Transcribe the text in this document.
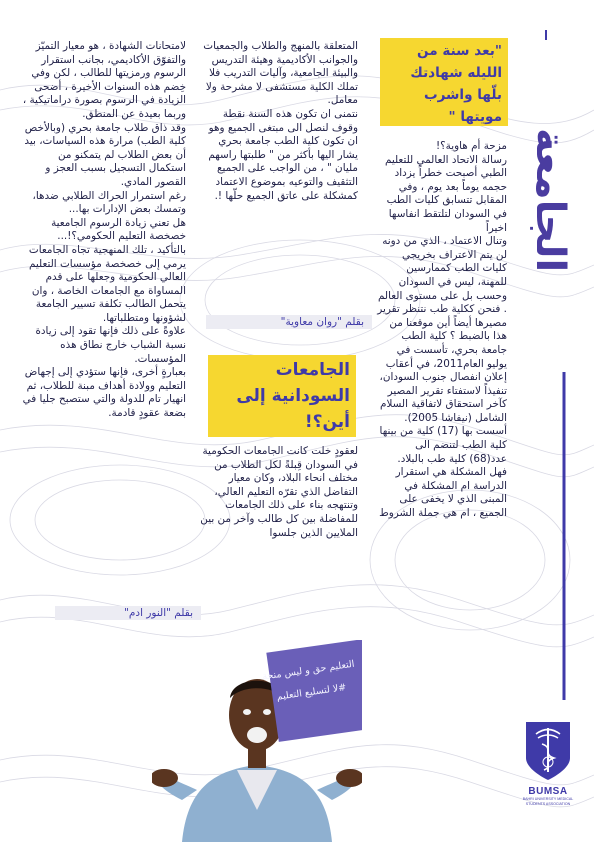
الجامعة
"بعد سنة من الليله شهادتك بلّها واشرب مويتها "

مزحة أم هاوية؟!

رسالة الاتحاد العالمي للتعليم الطبي أصبحت خطراً يزداد حجمه يوماً بعد يوم ، وفي المقابل تتسابق كليات الطب في السودان لتلتقط انفاسها اخيراً

وتنال الاعتماد ، الذي من دونه لن يتم الاعتراف بخريجي كليات الطب كممارسين للمهنة، ليس في السودان وحسب بل على مستوى العالم . فنحن ككلية طب نتنظر تقرير مصيرها أيضاً أين موقعنا من هذا بالضبط ؟ كلية الطب جامعة بحري، تأسست في يوليو العام2011، في أعقاب إعلان انفصال جنوب السودان، تنفيذاً لاستفتاء تقرير المصير كآخر استحقاق لاتفاقية السلام الشامل (نيفاشا 2005).

أسست بها (17) كلية من بينها كلية الطب لتنضم الى عدد(68) كلية طب بالبلاد. فهل المشكلة هي استقرار الدراسة ام المشكلة في المبنى الذي لا يخفى على الجميع ، ام هي جملة الشروط

المتعلقة بالمنهج والطلاب والجمعيات والجوانب الأكاديمية وهيئة التدريس والبيئة الجامعية، وآليات التدريب فلا تملك الكلية مستشفى لا مشرحة ولا معامل.

نتمنى ان تكون هذه السنة نقطة وقوف لنصل الى مبتغى الجميع وهو ان تكون كلية الطب جامعة بحري يشار اليها بأكثر من " طلبتها راسهم مليان " ، من الواجب على الجميع التثقيف والتوعيه بموضوع الاعتماد كمشكلة على عاتق الجميع حلّها !.

بقلم "روان معاوية"
الجامعات السودانية إلى أين؟!

لعقودٍ خلت كانت الجامعات الحكومية في السودان قِبلةً لكل الطلاب من مختلف انحاء البلاد، وكان معيار التفاضل الذي تقرّه التعليم العالي، وتنتهجه بناء على ذلك الجامعات للمفاضلة بين كل طالب وآخر من بين الملايين الذين جلسوا

لامتحانات الشهادة ، هو معيار التميّز والتفوّق الأكاديمي، بجانب استقرار الرسوم ورمزيتها للطالب ، لكن وفي خِضم هذه السنوات الأخيرة ، أضحى الزيادة في الرسوم بصورة دراماتيكية ، وربما بعيدة عن المنطق.

وقد ذاق طلاب جامعة بحري (وبالأخص كلية الطب) مرارة هذه السياسات، بيد أن بعض الطلاب لم يتمكنو من استكمال التسجيل بسبب العجز و القصور المادي.

رغم استمرار الحراك الطلابي ضدها، وتمسك بعض الإدارات بها...

هل تعني زيادة الرسوم الجامعية خصخصة التعليم الحكومي؟!...

بالتأكيد ، تلك المنهجية تجاه الجامعات يرمي إلى خصخصة مؤسسات التعليم العالي الحكومية وجعلها على قدم المساواة مع الجامعات الخاصة ، وان يتحمل الطالب تكلفة تسيير الجامعة لشؤونها ومتطلباتها.

علاوةً على ذلك فإنها تقود إلى زيادة نسبة الشباب خارج نطاق هذه المؤسسات.

بعبارةٍ أخرى، فإنها ستؤدي إلى إجهاض التعليم وولادة أهداف مبنة للطلاب، ثم انهيار تام للدولة والتي ستصبح جليا في بضعة عقودٍ قادمة.

بقلم "النور ادم"
التعليم حق و ليس منحة
#لا لتسليع التعليم
BUMSA
BAHRI UNIVERSITY MEDICAL STUDENTS ASSOCIATION
